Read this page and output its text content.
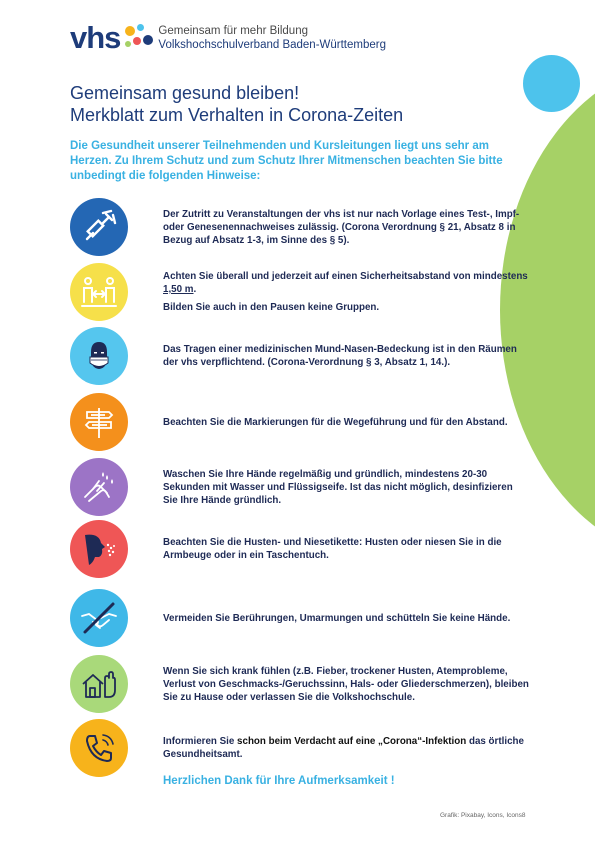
vhs	Gemeinsam für mehr Bildung
Volkshochschulverband Baden-Württemberg
Gemeinsam gesund bleiben!
Merkblatt zum Verhalten in Corona-Zeiten
Die Gesundheit unserer Teilnehmenden und Kursleitungen liegt uns sehr am Herzen. Zu Ihrem Schutz und zum Schutz Ihrer Mitmenschen beachten Sie bitte unbedingt die folgenden Hinweise:

Der Zutritt zu Veranstaltungen der vhs ist nur nach Vorlage eines Test-, Impf- oder Genesenennachweises zulässig. (Corona Verordnung § 21, Absatz 8 in Bezug auf Absatz 1-3, im Sinne des § 5).

Achten Sie überall und jederzeit auf einen Sicherheitsabstand von mindestens 1,50 m.

Bilden Sie auch in den Pausen keine Gruppen.

Das Tragen einer medizinischen Mund-Nasen-Bedeckung ist in den Räumen der vhs verpflichtend. (Corona-Verordnung § 3, Absatz 1, 14.).

Beachten Sie die Markierungen für die Wegeführung und für den Abstand.

Waschen Sie Ihre Hände regelmäßig und gründlich, mindestens 20-30 Sekunden mit Wasser und Flüssigseife. Ist das nicht möglich, desinfizieren Sie Ihre Hände gründlich.

Beachten Sie die Husten- und Niesetikette: Husten oder niesen Sie in die Armbeuge oder in ein Taschentuch.

Vermeiden Sie Berührungen, Umarmungen und schütteln Sie keine Hände.

Wenn Sie sich krank fühlen (z.B. Fieber, trockener Husten, Atemprobleme, Verlust von Geschmacks-/Geruchssinn, Hals- oder Gliederschmerzen), bleiben Sie zu Hause oder verlassen Sie die Volkshochschule.

Informieren Sie schon beim Verdacht auf eine „Corona“-Infektion das örtliche Gesundheitsamt.

Herzlichen Dank für Ihre Aufmerksamkeit !
Grafik: Pixabay, Icons, Icons8
